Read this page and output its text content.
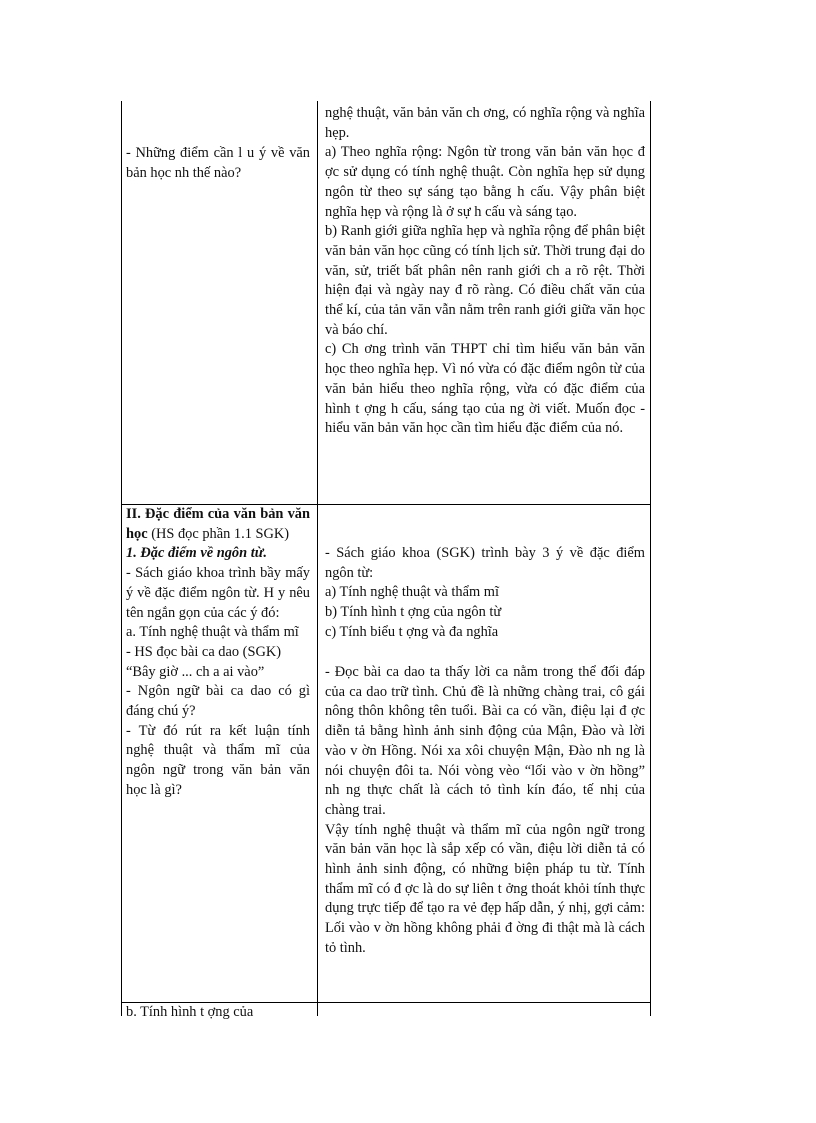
- Những điểm cần l u ý về văn bản học nh thế nào?

II. Đặc điểm của văn bản văn học (HS đọc phần 1.1 SGK)

1. Đặc điểm về ngôn từ.

- Sách giáo khoa trình bầy mấy ý về đặc điểm ngôn từ. H y nêu tên ngắn gọn của các ý đó:

a. Tính nghệ thuật và thẩm mĩ

- HS đọc bài ca dao (SGK)

“Bây giờ ... ch a ai vào”

- Ngôn ngữ bài ca dao có gì đáng chú ý?

- Từ đó rút ra kết luận tính nghệ thuật và thẩm mĩ của ngôn ngữ trong văn bản văn học là gì?

b. Tính hình t ợng của

nghệ thuật, văn bản văn ch ơng, có nghĩa rộng và nghĩa hẹp.

a) Theo nghĩa rộng: Ngôn từ trong văn bản văn học đ ợc sử dụng có tính nghệ thuật. Còn nghĩa hẹp sử dụng ngôn từ theo sự sáng tạo bằng h cấu. Vậy phân biệt nghĩa hẹp và rộng là ở sự h cấu và sáng tạo.

b) Ranh giới giữa nghĩa hẹp và nghĩa rộng để phân biệt văn bản văn học cũng có tính lịch sử. Thời trung đại do văn, sử, triết bất phân nên ranh giới ch a rõ rệt. Thời hiện đại và ngày nay đ rõ ràng. Có điều chất văn của thể kí, của tản văn vẫn nằm trên ranh giới giữa văn học và báo chí.

c) Ch ơng trình văn THPT chỉ tìm hiểu văn bản văn học theo nghĩa hẹp. Vì nó vừa có đặc điểm ngôn từ của văn bản hiểu theo nghĩa rộng, vừa có đặc điểm của hình t ợng h cấu, sáng tạo của ng ời viết. Muốn đọc - hiểu văn bản văn học cần tìm hiểu đặc điểm của nó.

- Sách giáo khoa (SGK) trình bày 3 ý về đặc điểm ngôn từ:

a) Tính nghệ thuật và thẩm mĩ

b) Tính hình t ợng của ngôn từ

c) Tính biểu t ợng và đa nghĩa

- Đọc bài ca dao ta thấy lời ca nằm trong thể đối đáp của ca dao trữ tình. Chủ đề là những chàng trai, cô gái nông thôn không tên tuổi. Bài ca có vần, điệu lại đ ợc diễn tả bằng hình ảnh sinh động của Mận, Đào và lời vào v ờn Hồng. Nói xa xôi chuyện Mận, Đào nh ng là nói chuyện đôi ta. Nói vòng vèo “lối vào v ờn hồng” nh ng thực chất là cách tỏ tình kín đáo, tế nhị của chàng trai.

Vậy tính nghệ thuật và thẩm mĩ của ngôn ngữ trong văn bản văn học là sắp xếp có vần, điệu lời diễn tả có hình ảnh sinh động, có những biện pháp tu từ. Tính thẩm mĩ có đ ợc là do sự liên t ởng thoát khỏi tính thực dụng trực tiếp để tạo ra vẻ đẹp hấp dẫn, ý nhị, gợi cảm: Lối vào v ờn hồng không phải đ ờng đi thật mà là cách tỏ tình.
